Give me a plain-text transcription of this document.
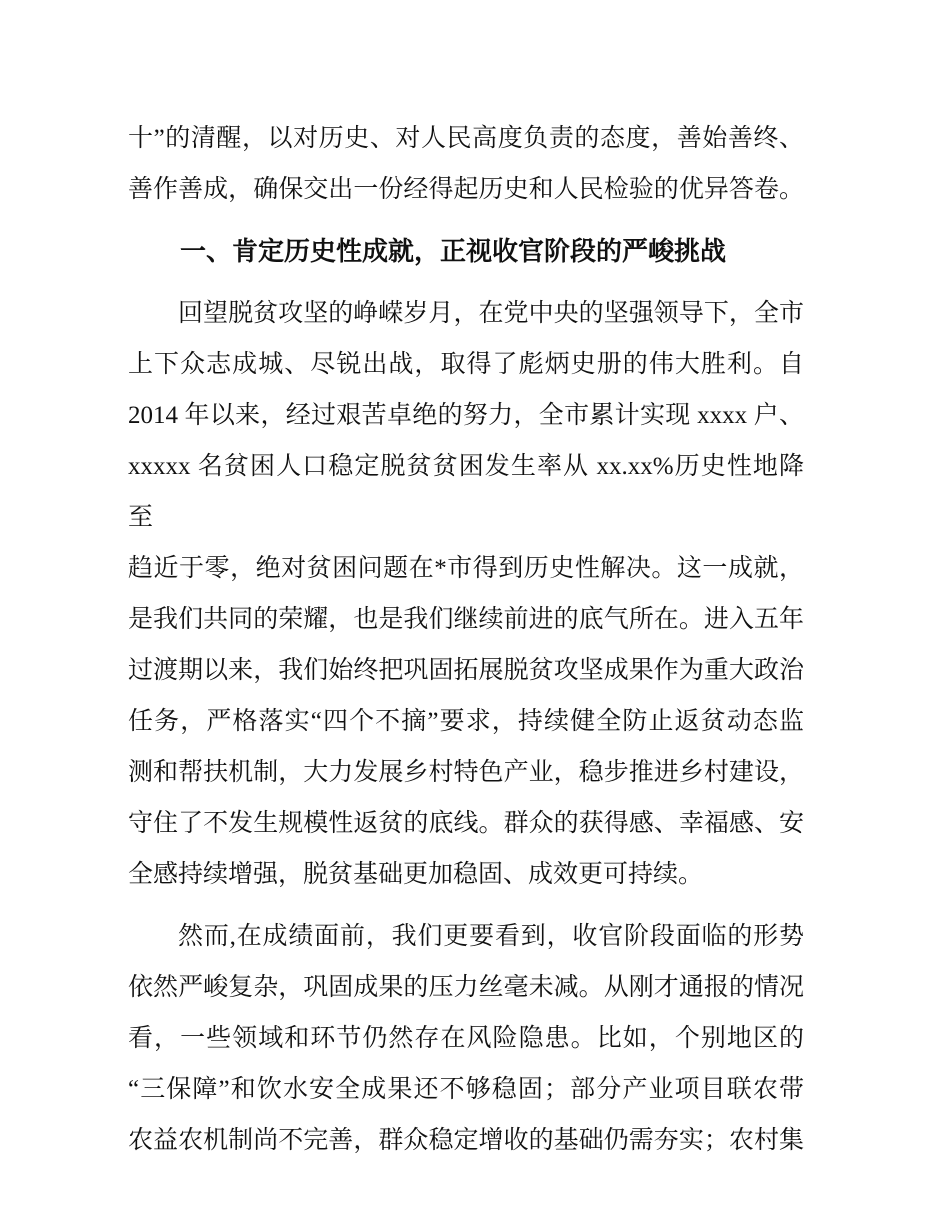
十”的清醒，以对历史、对人民高度负责的态度，善始善终、
善作善成，确保交出一份经得起历史和人民检验的优异答卷。
一、肯定历史性成就，正视收官阶段的严峻挑战
回望脱贫攻坚的峥嵘岁月，在党中央的坚强领导下，全市
上下众志成城、尽锐出战，取得了彪炳史册的伟大胜利。自
2014 年以来，经过艰苦卓绝的努力，全市累计实现 xxxx 户、
xxxxx 名贫困人口稳定脱贫贫困发生率从 xx.xx%历史性地降至
趋近于零，绝对贫困问题在*市得到历史性解决。这一成就，
是我们共同的荣耀，也是我们继续前进的底气所在。进入五年
过渡期以来，我们始终把巩固拓展脱贫攻坚成果作为重大政治
任务，严格落实“四个不摘”要求，持续健全防止返贫动态监
测和帮扶机制，大力发展乡村特色产业，稳步推进乡村建设，
守住了不发生规模性返贫的底线。群众的获得感、幸福感、安
全感持续增强，脱贫基础更加稳固、成效更可持续。
然而,在成绩面前，我们更要看到，收官阶段面临的形势
依然严峻复杂，巩固成果的压力丝毫未减。从刚才通报的情况
看，一些领域和环节仍然存在风险隐患。比如，个别地区的
“三保障”和饮水安全成果还不够稳固；部分产业项目联农带
农益农机制尚不完善，群众稳定增收的基础仍需夯实；农村集
